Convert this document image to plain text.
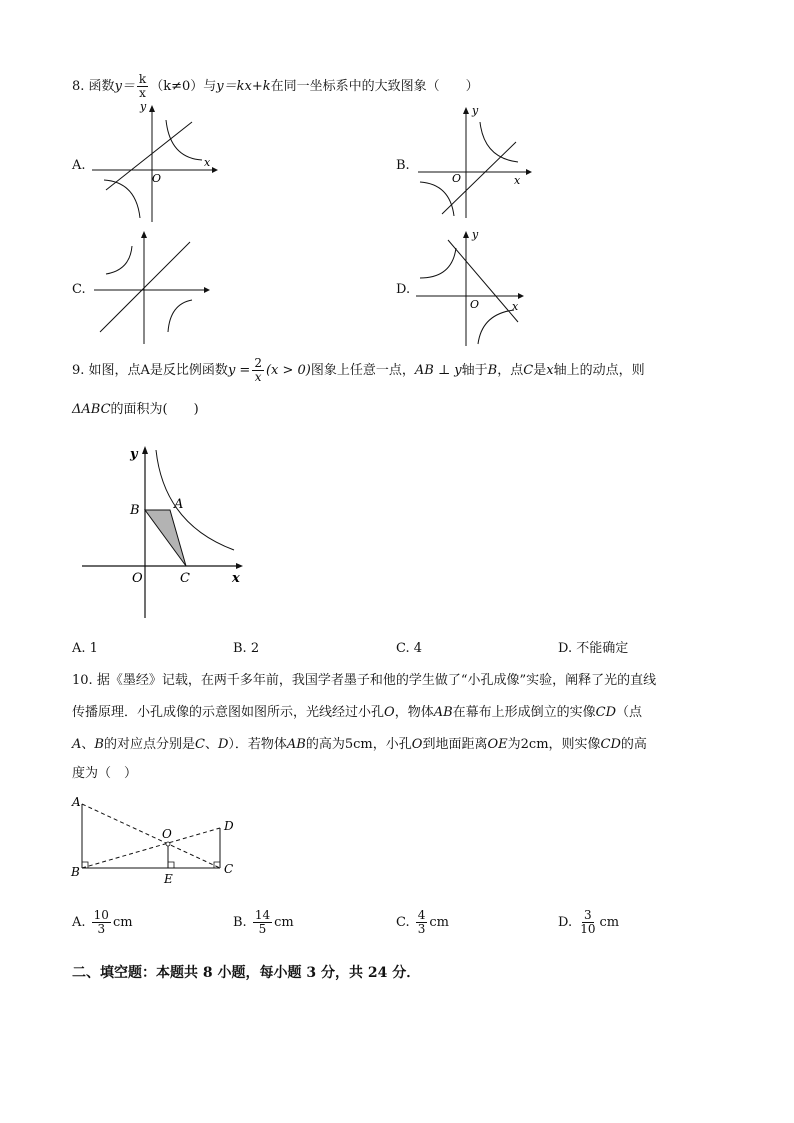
8. 函数$y= \frac{k}{x} (k\ne 0)$与y＝kx+k在同一坐标系中的大致图象（　　）
A.	B.
C.	D.
y
x
O
y
x
O
y
x
O
9. 如图，点A是反比例函数$y = \frac{2}{x} (x > 0)$图象上任意一点，AB ⊥ y轴于B，点C是x轴上的动点，则
ΔABC的面积为(　　)
y
B	A
O	C	x
A. 1	B. 2	C. 4	D. 不能确定
10. 据《墨经》记载，在两千多年前，我国学者墨子和他的学生做了“小孔成像”实验，阐释了光的直线
传播原理．小孔成像的示意图如图所示，光线经过小孔O，物体AB在幕布上形成倒立的实像CD（点
A、B的对应点分别是C、D）．若物体AB的高为5cm，小孔O到地面距离OE为2cm，则实像CD的高
度为（　）
A
B
O
D
E
C
A. $\frac{10}{3}$ cm	B. $\frac{14}{5}$ cm	C. $\frac{4}{3}$ cm	D. $\frac{3}{10}$ cm
二、填空题：本题共 8 小题，每小题 3 分，共 24 分．
